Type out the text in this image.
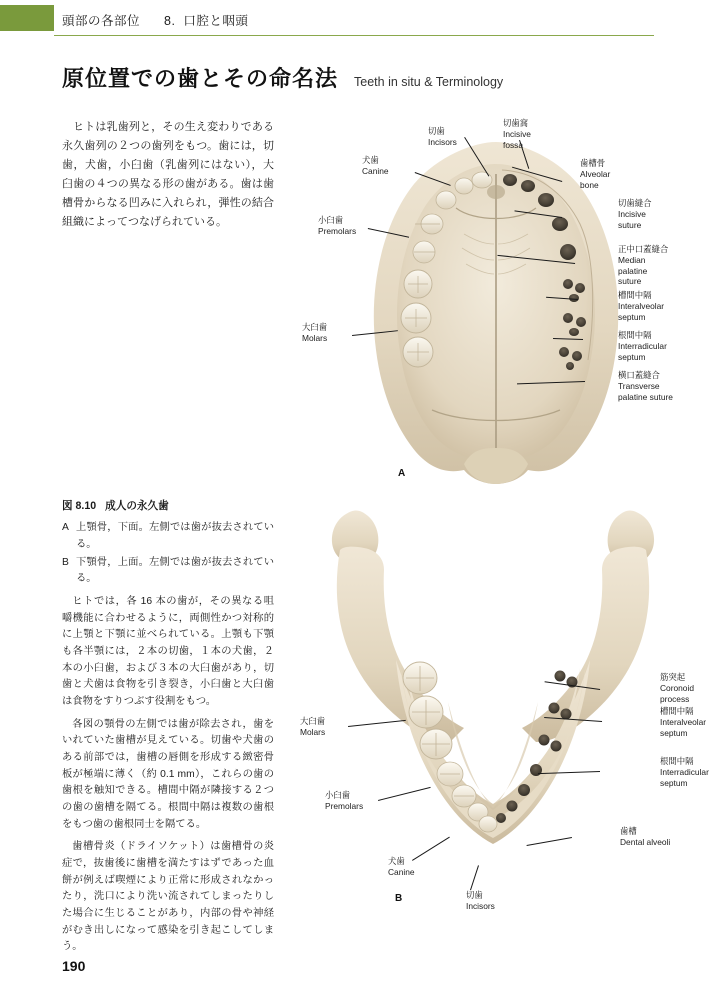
頭部の各部位 8. 口腔と咽頭
原位置での歯とその命名法 Teeth in situ & Terminology

ヒトは乳歯列と，その生え変わりである永久歯列の２つの歯列をもつ。歯には，切歯，犬歯，小臼歯（乳歯列にはない），大臼歯の４つの異なる形の歯がある。歯は歯槽骨からなる凹みに入れられ，弾性の結合組織によってつなげられている。

図 8.10 成人の永久歯
A 上顎骨，下面。左側では歯が抜去されている。
B 下顎骨，上面。左側では歯が抜去されている。

ヒトでは，各 16 本の歯が，その異なる咀嚼機能に合わせるように，両側性かつ対称的に上顎と下顎に並べられている。上顎も下顎も各半顎には，２本の切歯，１本の犬歯，２本の小臼歯，および３本の大臼歯があり，切歯と犬歯は食物を引き裂き，小臼歯と大臼歯は食物をすりつぶす役割をもつ。

各図の顎骨の左側では歯が除去され，歯をいれていた歯槽が見えている。切歯や犬歯のある前部では，歯槽の唇側を形成する緻密骨板が極端に薄く（約 0.1 mm），これらの歯の歯根を触知できる。槽間中隔が隣接する２つの歯の歯槽を隔てる。根間中隔は複数の歯根をもつ歯の歯根同士を隔てる。

歯槽骨炎（ドライソケット）は歯槽骨の炎症で，抜歯後に歯槽を満たすはずであった血餅が例えば喫煙により正常に形成されなかったり，洗口により洗い流されてしまったりした場合に生じることがあり，内部の骨や神経がむき出しになって感染を引き起こしてしまう。

A
切歯
Incisors
切歯窩
Incisive
fossa
歯槽骨
Alveolar
bone
犬歯
Canine
小臼歯
Premolars
大臼歯
Molars
切歯縫合
Incisive
suture
正中口蓋縫合
Median
palatine
suture
槽間中隔
Interalveolar
septum
根間中隔
Interradicular
septum
横口蓋縫合
Transverse
palatine suture
B
大臼歯
Molars
小臼歯
Premolars
犬歯
Canine
切歯
Incisors
筋突起
Coronoid
process
槽間中隔
Interalveolar
septum
根間中隔
Interradicular
septum
歯槽
Dental alveoli
190
